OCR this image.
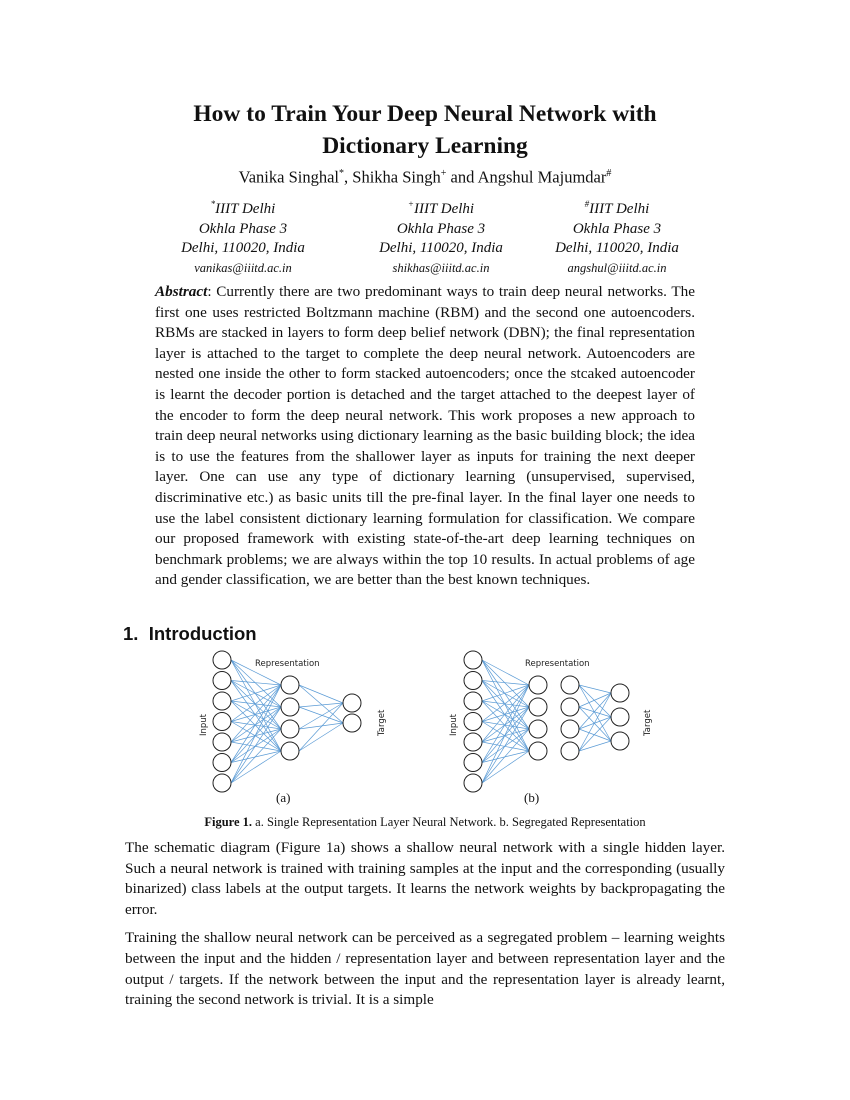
How to Train Your Deep Neural Network with
Dictionary Learning
Vanika Singhal*, Shikha Singh+ and Angshul Majumdar#
*IIIT Delhi
Okhla Phase 3
Delhi, 110020, India
vanikas@iiitd.ac.in
+IIIT Delhi
Okhla Phase 3
Delhi, 110020, India
shikhas@iiitd.ac.in
#IIIT Delhi
Okhla Phase 3
Delhi, 110020, India
angshul@iiitd.ac.in
Abstract: Currently there are two predominant ways to train deep neural networks. The first one uses restricted Boltzmann machine (RBM) and the second one autoencoders. RBMs are stacked in layers to form deep belief network (DBN); the final representation layer is attached to the target to complete the deep neural network. Autoencoders are nested one inside the other to form stacked autoencoders; once the stcaked autoencoder is learnt the decoder portion is detached and the target attached to the deepest layer of the encoder to form the deep neural network. This work proposes a new approach to train deep neural networks using dictionary learning as the basic building block; the idea is to use the features from the shallower layer as inputs for training the next deeper layer. One can use any type of dictionary learning (unsupervised, supervised, discriminative etc.) as basic units till the pre-final layer. In the final layer one needs to use the label consistent dictionary learning formulation for classification. We compare our proposed framework with existing state-of-the-art deep learning techniques on benchmark problems; we are always within the top 10 results. In actual problems of age and gender classification, we are better than the best known techniques.
1. Introduction
Representation	Representation
Input	Input
Target	Target
(a)	(b)
Figure 1. a. Single Representation Layer Neural Network. b. Segregated Representation

The schematic diagram (Figure 1a) shows a shallow neural network with a single hidden layer. Such a neural network is trained with training samples at the input and the corresponding (usually binarized) class labels at the output targets. It learns the network weights by backpropagating the error.

Training the shallow neural network can be perceived as a segregated problem – learning weights between the input and the hidden / representation layer and between representation layer and the output / targets. If the network between the input and the representation layer is already learnt, training the second network is trivial. It is a simple
